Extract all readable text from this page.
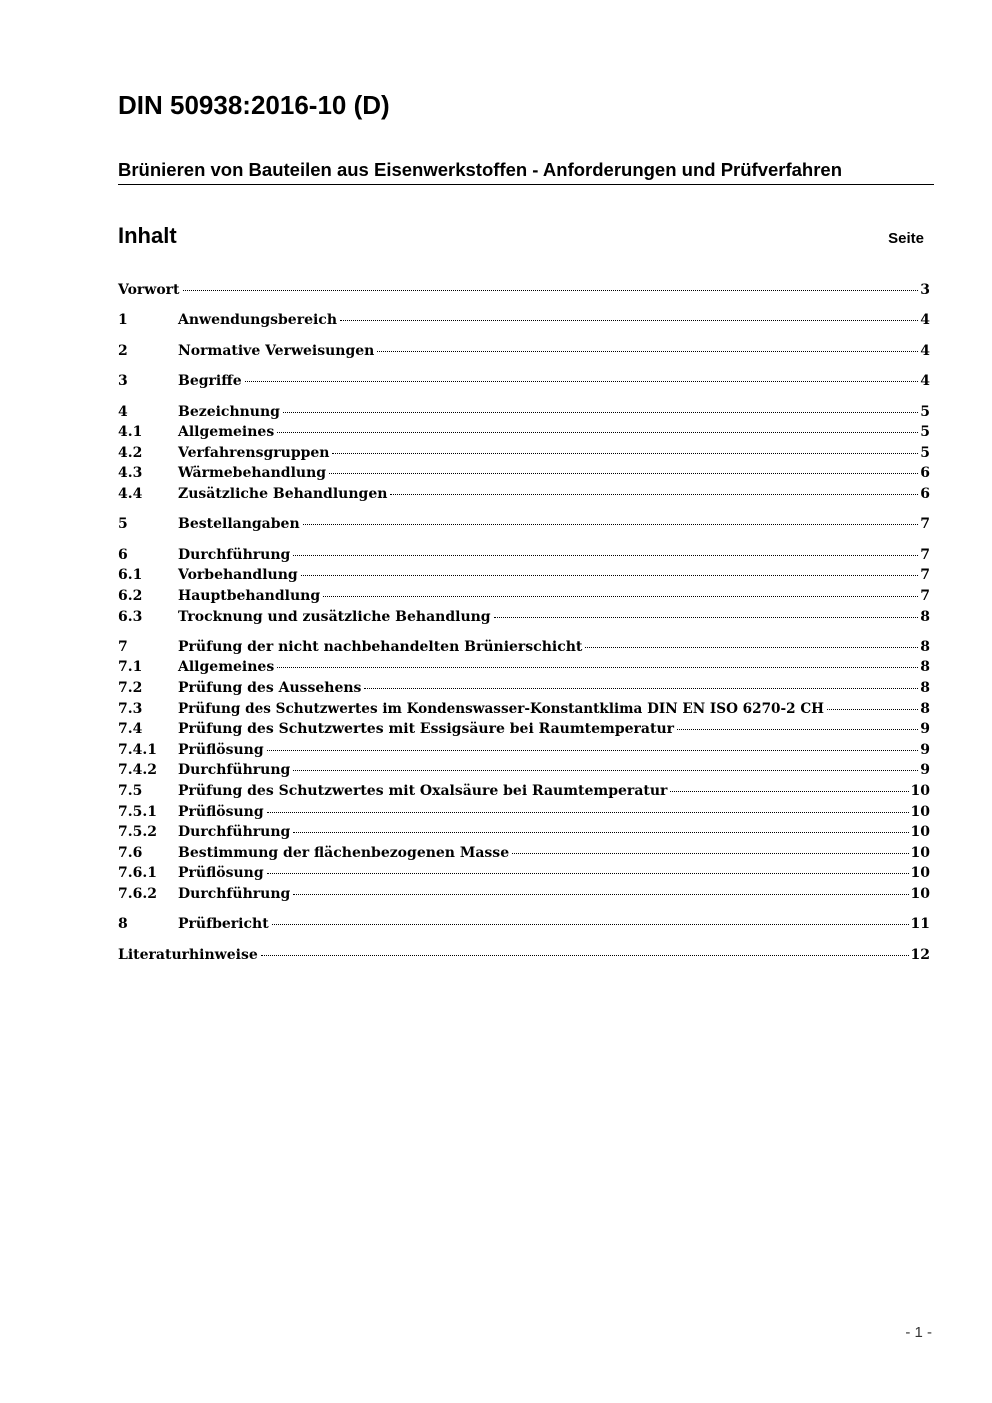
DIN 50938:2016-10 (D)
Brünieren von Bauteilen aus Eisenwerkstoffen - Anforderungen und Prüfverfahren
Inhalt	Seite
Vorwort	3
1	Anwendungsbereich	4
2	Normative Verweisungen	4
3	Begriffe	4
4	Bezeichnung	5
4.1	Allgemeines	5
4.2	Verfahrensgruppen	5
4.3	Wärmebehandlung	6
4.4	Zusätzliche Behandlungen	6
5	Bestellangaben	7
6	Durchführung	7
6.1	Vorbehandlung	7
6.2	Hauptbehandlung	7
6.3	Trocknung und zusätzliche Behandlung	8
7	Prüfung der nicht nachbehandelten Brünierschicht	8
7.1	Allgemeines	8
7.2	Prüfung des Aussehens	8
7.3	Prüfung des Schutzwertes im Kondenswasser-Konstantklima DIN EN ISO 6270-2 CH	8
7.4	Prüfung des Schutzwertes mit Essigsäure bei Raumtemperatur	9
7.4.1	Prüflösung	9
7.4.2	Durchführung	9
7.5	Prüfung des Schutzwertes mit Oxalsäure bei Raumtemperatur	10
7.5.1	Prüflösung	10
7.5.2	Durchführung	10
7.6	Bestimmung der flächenbezogenen Masse	10
7.6.1	Prüflösung	10
7.6.2	Durchführung	10
8	Prüfbericht	11
Literaturhinweise	12
- 1 -
